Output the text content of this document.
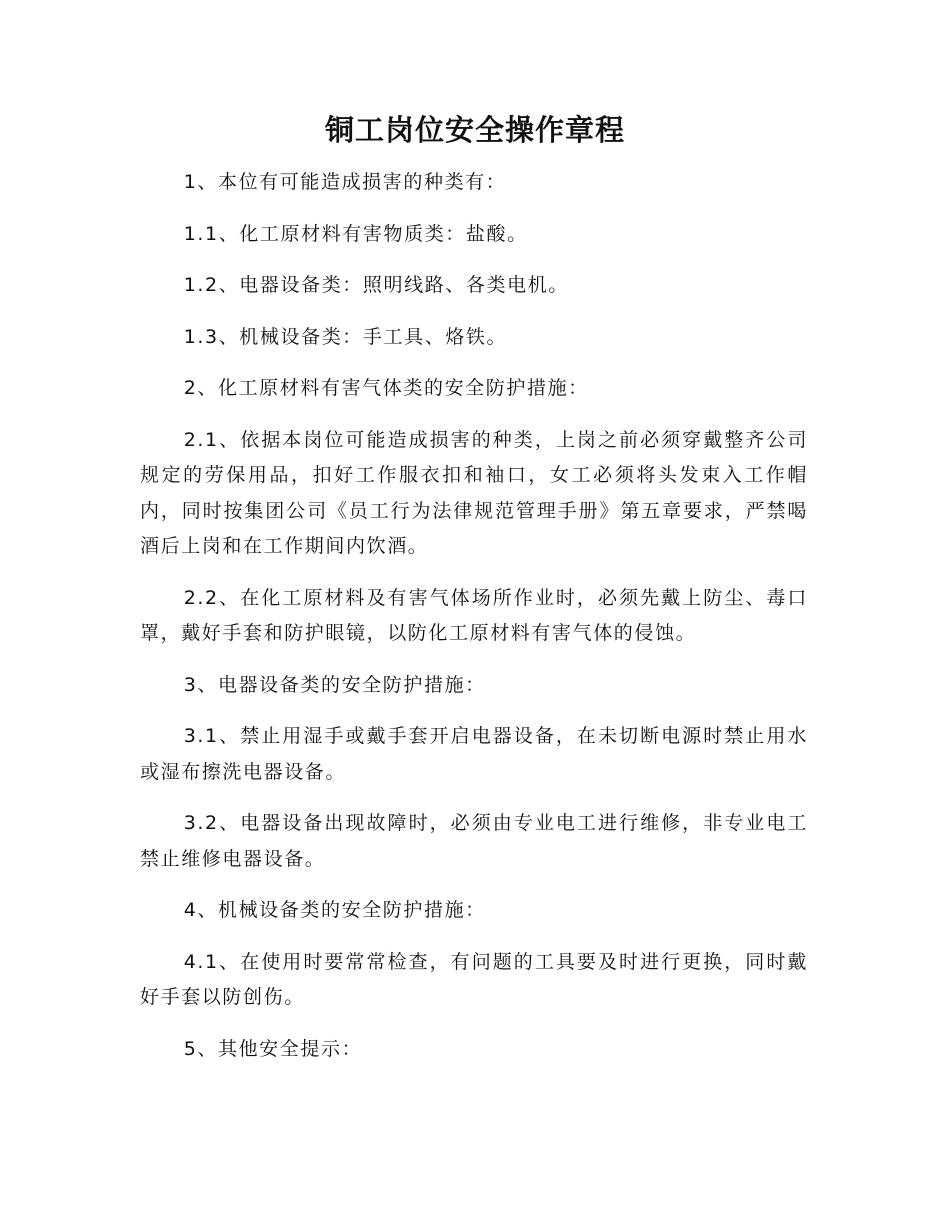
铜工岗位安全操作章程

1、本位有可能造成损害的种类有：

1.1、化工原材料有害物质类：盐酸。

1.2、电器设备类：照明线路、各类电机。

1.3、机械设备类：手工具、烙铁。

2、化工原材料有害气体类的安全防护措施：

2.1、依据本岗位可能造成损害的种类，上岗之前必须穿戴整齐公司规定的劳保用品，扣好工作服衣扣和袖口，女工必须将头发束入工作帽内，同时按集团公司《员工行为法律规范管理手册》第五章要求，严禁喝酒后上岗和在工作期间内饮酒。

2.2、在化工原材料及有害气体场所作业时，必须先戴上防尘、毒口罩，戴好手套和防护眼镜，以防化工原材料有害气体的侵蚀。

3、电器设备类的安全防护措施：

3.1、禁止用湿手或戴手套开启电器设备，在未切断电源时禁止用水或湿布擦洗电器设备。

3.2、电器设备出现故障时，必须由专业电工进行维修，非专业电工禁止维修电器设备。

4、机械设备类的安全防护措施：

4.1、在使用时要常常检查，有问题的工具要及时进行更换，同时戴好手套以防创伤。

5、其他安全提示：
